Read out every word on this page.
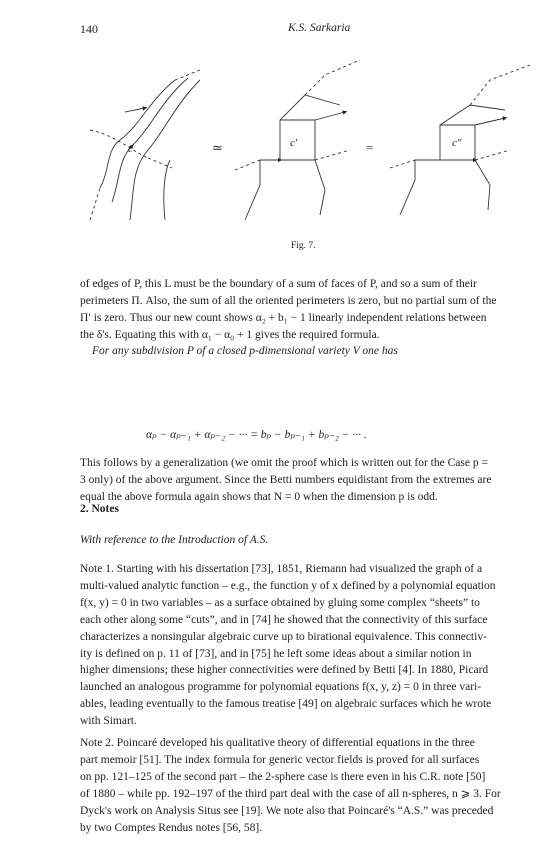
140	K.S. Sarkaria
c	c′	c″
≃	=
Fig. 7.
of edges of P, this L must be the boundary of a sum of faces of P, and so a sum of their
perimeters Π. Also, the sum of all the oriented perimeters is zero, but no partial sum of the
Π′ is zero. Thus our new count shows α₂ + b₁ − 1 linearly independent relations between
the δ's. Equating this with α₁ − α₀ + 1 gives the required formula.
For any subdivision P of a closed p-dimensional variety V one has
αₚ − αₚ₋₁ + αₚ₋₂ − ··· = bₚ − bₚ₋₁ + bₚ₋₂ − ··· .
This follows by a generalization (we omit the proof which is written out for the Case p =
3 only) of the above argument. Since the Betti numbers equidistant from the extremes are
equal the above formula again shows that N = 0 when the dimension p is odd.
2. Notes
With reference to the Introduction of A.S.
Note 1. Starting with his dissertation [73], 1851, Riemann had visualized the graph of a
multi-valued analytic function – e.g., the function y of x defined by a polynomial equation
f(x, y) = 0 in two variables – as a surface obtained by gluing some complex “sheets” to
each other along some “cuts”, and in [74] he showed that the connectivity of this surface
characterizes a nonsingular algebraic curve up to birational equivalence. This connectiv-
ity is defined on p. 11 of [73], and in [75] he left some ideas about a similar notion in
higher dimensions; these higher connectivities were defined by Betti [4]. In 1880, Picard
launched an analogous programme for polynomial equations f(x, y, z) = 0 in three vari-
ables, leading eventually to the famous treatise [49] on algebraic surfaces which he wrote
with Simart.
Note 2. Poincaré developed his qualitative theory of differential equations in the three
part memoir [51]. The index formula for generic vector fields is proved for all surfaces
on pp. 121–125 of the second part – the 2-sphere case is there even in his C.R. note [50]
of 1880 – while pp. 192–197 of the third part deal with the case of all n-spheres, n ⩾ 3. For
Dyck's work on Analysis Situs see [19]. We note also that Poincaré's “A.S.” was preceded
by two Comptes Rendus notes [56, 58].
